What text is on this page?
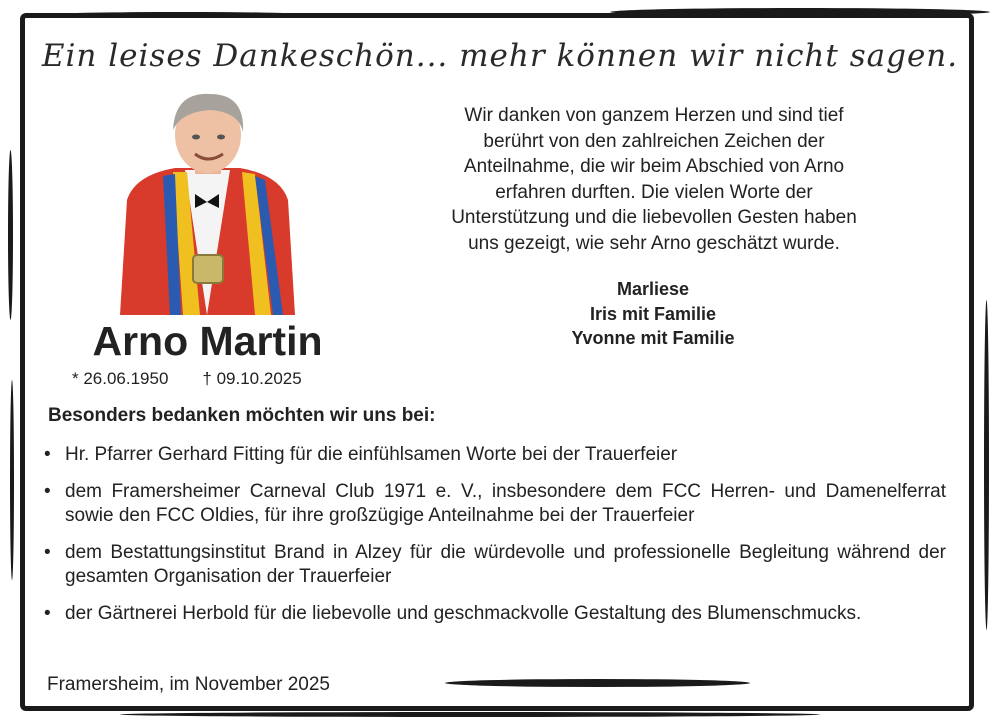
Ein leises Dankeschön... mehr können wir nicht sagen.
Arno Martin
* 26.06.1950 † 09.10.2025
Wir danken von ganzem Herzen und sind tief
berührt von den zahlreichen Zeichen der
Anteilnahme, die wir beim Abschied von Arno
erfahren durften. Die vielen Worte der
Unterstützung und die liebevollen Gesten haben
uns gezeigt, wie sehr Arno geschätzt wurde.
Marliese
Iris mit Familie
Yvonne mit Familie
Besonders bedanken möchten wir uns bei:
• Hr. Pfarrer Gerhard Fitting für die einfühlsamen Worte bei der Trauerfeier
• dem Framersheimer Carneval Club 1971 e. V., insbesondere dem FCC Herren- und Damenelferrat sowie den FCC Oldies, für ihre großzügige Anteilnahme bei der Trauerfeier
• dem Bestattungsinstitut Brand in Alzey für die würdevolle und professionelle Begleitung während der gesamten Organisation der Trauerfeier
• der Gärtnerei Herbold für die liebevolle und geschmackvolle Gestaltung des Blumenschmucks.
Framersheim, im November 2025
